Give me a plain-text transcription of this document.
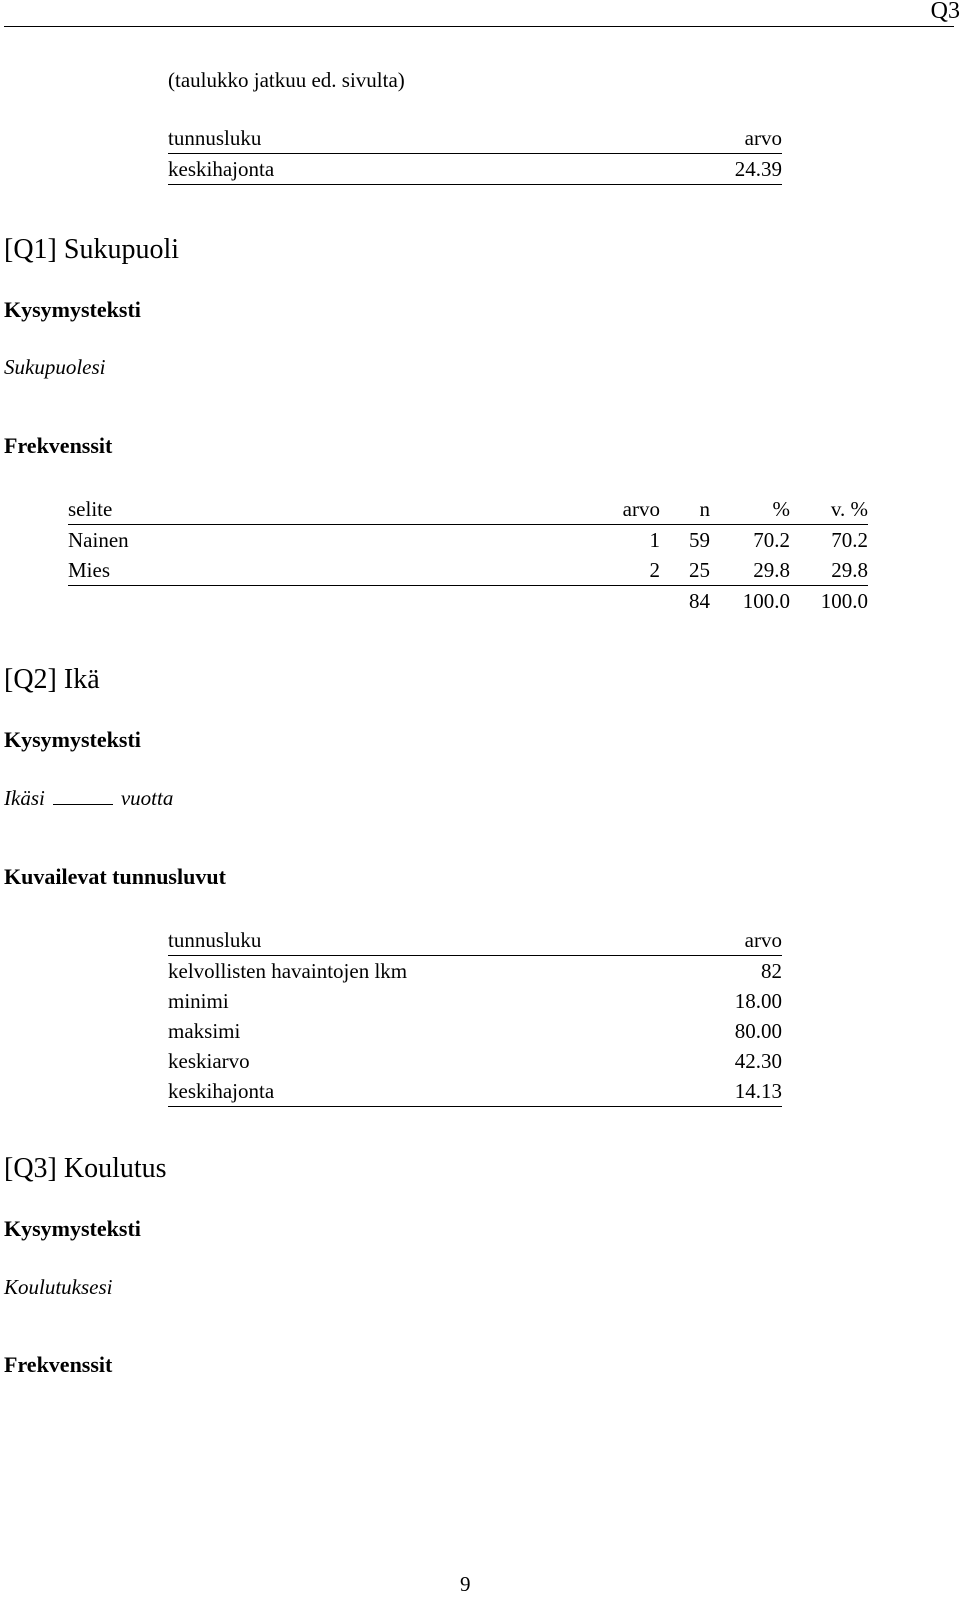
Q3
(taulukko jatkuu ed. sivulta)
tunnusluku	arvo
keskihajonta	24.39
[Q1] Sukupuoli
Kysymysteksti
Sukupuolesi
Frekvenssit
selite	arvo	n	%	v. %
Nainen	1	59	70.2	70.2
Mies	2	25	29.8	29.8
		84	100.0	100.0
[Q2] Ikä
Kysymysteksti
Ikäsi	vuotta
Kuvailevat tunnusluvut
tunnusluku	arvo
kelvollisten havaintojen lkm	82
minimi	18.00
maksimi	80.00
keskiarvo	42.30
keskihajonta	14.13
[Q3] Koulutus
Kysymysteksti
Koulutuksesi
Frekvenssit
9
